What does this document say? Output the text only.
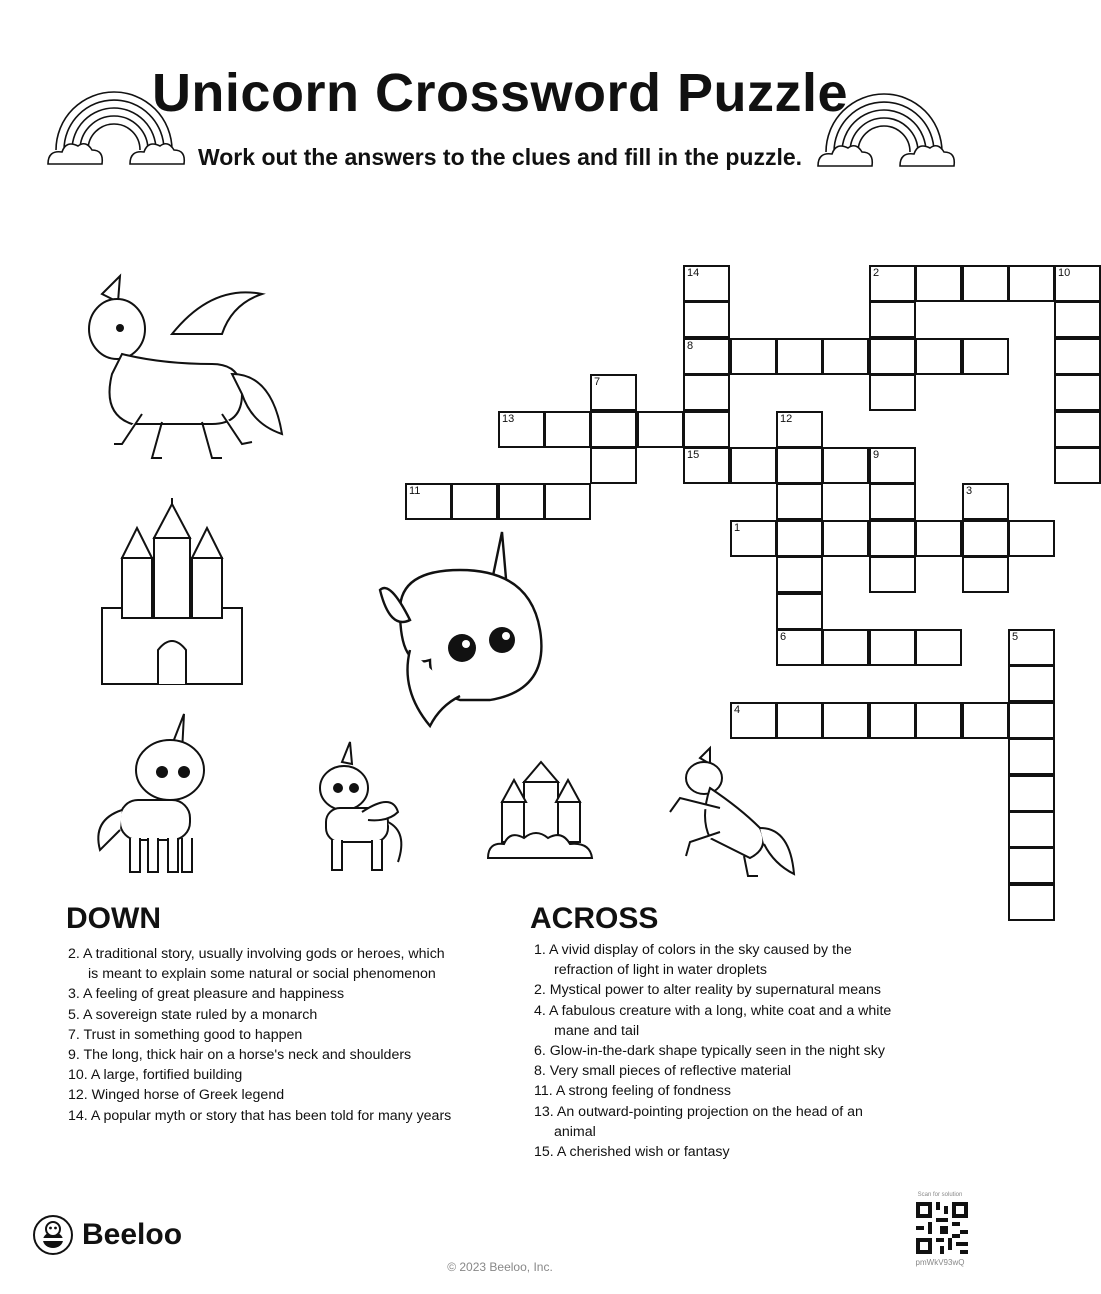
Unicorn Crossword Puzzle

Work out the answers to the clues and fill in the puzzle.

14	2	10
8
7
13	12
15	9
11	3
1
6	5
4
DOWN
2. A traditional story, usually involving gods or heroes, which is meant to explain some natural or social phenomenon
3. A feeling of great pleasure and happiness
5. A sovereign state ruled by a monarch
7. Trust in something good to happen
9. The long, thick hair on a horse's neck and shoulders
10. A large, fortified building
12. Winged horse of Greek legend
14. A popular myth or story that has been told for many years
ACROSS
1. A vivid display of colors in the sky caused by the refraction of light in water droplets
2. Mystical power to alter reality by supernatural means
4. A fabulous creature with a long, white coat and a white mane and tail
6. Glow-in-the-dark shape typically seen in the night sky
8. Very small pieces of reflective material
11. A strong feeling of fondness
13. An outward-pointing projection on the head of an animal
15. A cherished wish or fantasy
Beeloo
© 2023 Beeloo, Inc.
Scan for solution
pmWkV93wQ
